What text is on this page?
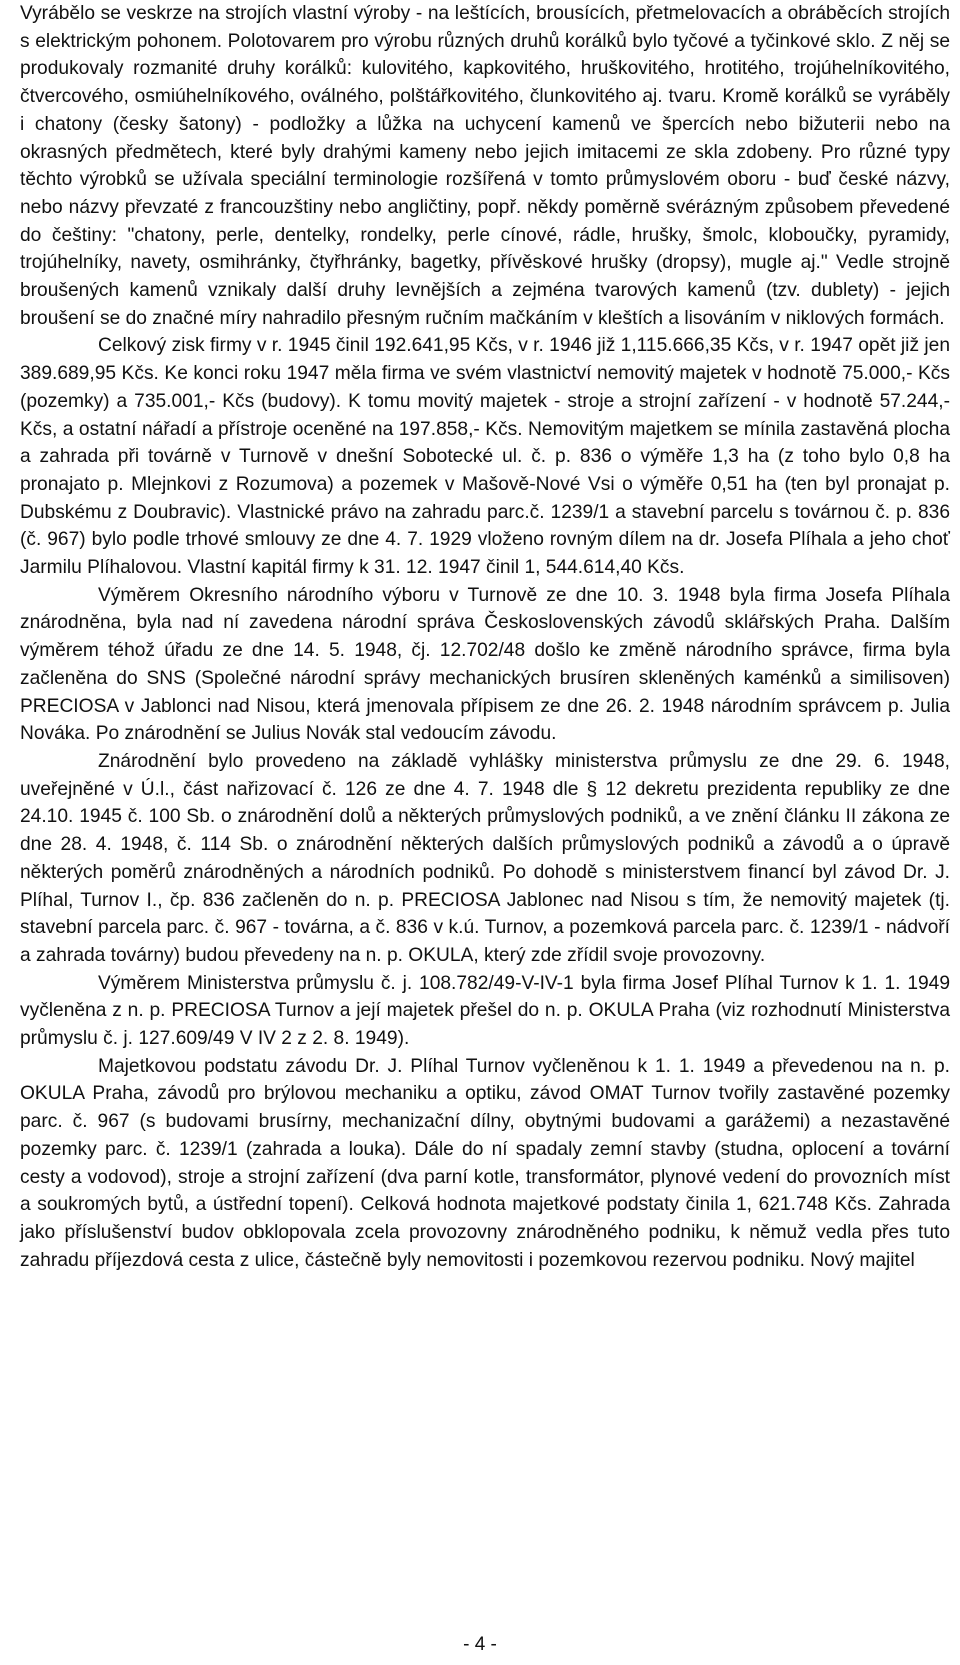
Vyrábělo se veskrze na strojích vlastní výroby - na leštících, brousících, přetmelovacích a obráběcích strojích s elektrickým pohonem. Polotovarem pro výrobu různých druhů korálků bylo tyčové a tyčinkové sklo. Z něj se produkovaly rozmanité druhy korálků: kulovitého, kapkovitého, hruškovitého, hrotitého, trojúhelníkovitého, čtvercového, osmiúhelníkového, oválného, polštářkovitého, člunkovitého aj. tvaru. Kromě korálků se vyráběly i chatony (česky šatony) - podložky a lůžka na uchycení kamenů ve špercích nebo bižuterii nebo na okrasných předmětech, které byly drahými kameny nebo jejich imitacemi ze skla zdobeny. Pro různé typy těchto výrobků se užívala speciální terminologie rozšířená v tomto průmyslovém oboru - buď české názvy, nebo názvy převzaté z francouzštiny nebo angličtiny, popř. někdy poměrně svérázným způsobem převedené do češtiny: "chatony, perle, dentelky, rondelky, perle cínové, rádle, hrušky, šmolc, kloboučky, pyramidy, trojúhelníky, navety, osmihránky, čtyřhránky, bagetky, přívěskové hrušky (dropsy), mugle aj." Vedle strojně broušených kamenů vznikaly další druhy levnějších a zejména tvarových kamenů (tzv. dublety) - jejich broušení se do značné míry nahradilo přesným ručním mačkáním v kleštích a lisováním v niklových formách.

Celkový zisk firmy v r. 1945 činil 192.641,95 Kčs, v r. 1946 již 1,115.666,35 Kčs, v r. 1947 opět již jen 389.689,95 Kčs. Ke konci roku 1947 měla firma ve svém vlastnictví nemovitý majetek v hodnotě 75.000,- Kčs (pozemky) a 735.001,- Kčs (budovy). K tomu movitý majetek - stroje a strojní zařízení - v hodnotě 57.244,- Kčs, a ostatní nářadí a přístroje oceněné na 197.858,- Kčs. Nemovitým majetkem se mínila zastavěná plocha a zahrada při továrně v Turnově v dnešní Sobotecké ul. č. p. 836 o výměře 1,3 ha (z toho bylo 0,8 ha pronajato p. Mlejnkovi z Rozumova) a pozemek v Mašově-Nové Vsi o výměře 0,51 ha (ten byl pronajat p. Dubskému z Doubravic). Vlastnické právo na zahradu parc.č. 1239/1 a stavební parcelu s továrnou č. p. 836 (č. 967) bylo podle trhové smlouvy ze dne 4. 7. 1929 vloženo rovným dílem na dr. Josefa Plíhala a jeho choť Jarmilu Plíhalovou. Vlastní kapitál firmy k 31. 12. 1947 činil 1, 544.614,40 Kčs.

Výměrem Okresního národního výboru v Turnově ze dne 10. 3. 1948 byla firma Josefa Plíhala znárodněna, byla nad ní zavedena národní správa Československých závodů sklářských Praha. Dalším výměrem téhož úřadu ze dne 14. 5. 1948, čj. 12.702/48 došlo ke změně národního správce, firma byla začleněna do SNS (Společné národní správy mechanických brusíren skleněných kaménků a similisoven) PRECIOSA v Jablonci nad Nisou, která jmenovala přípisem ze dne 26. 2. 1948 národním správcem p. Julia Nováka. Po znárodnění se Julius Novák stal vedoucím závodu.

Znárodnění bylo provedeno na základě vyhlášky ministerstva průmyslu ze dne 29. 6. 1948, uveřejněné v Ú.l., část nařizovací č. 126 ze dne 4. 7. 1948 dle § 12 dekretu prezidenta republiky ze dne 24.10. 1945 č. 100 Sb. o znárodnění dolů a některých průmyslových podniků, a ve znění článku II zákona ze dne 28. 4. 1948, č. 114 Sb. o znárodnění některých dalších průmyslových podniků a závodů a o úpravě některých poměrů znárodněných a národních podniků. Po dohodě s ministerstvem financí byl závod Dr. J. Plíhal, Turnov I., čp. 836 začleněn do n. p. PRECIOSA Jablonec nad Nisou s tím, že nemovitý majetek (tj. stavební parcela parc. č. 967 - továrna, a č. 836 v k.ú. Turnov, a pozemková parcela parc. č. 1239/1 - nádvoří a zahrada továrny) budou převedeny na n. p. OKULA, který zde zřídil svoje provozovny.

Výměrem Ministerstva průmyslu č. j. 108.782/49-V-IV-1 byla firma Josef Plíhal Turnov k 1. 1. 1949 vyčleněna z n. p. PRECIOSA Turnov a její majetek přešel do n. p. OKULA Praha (viz rozhodnutí Ministerstva průmyslu č. j. 127.609/49 V IV 2 z 2. 8. 1949).

Majetkovou podstatu závodu Dr. J. Plíhal Turnov vyčleněnou k 1. 1. 1949 a převedenou na n. p. OKULA Praha, závodů pro brýlovou mechaniku a optiku, závod OMAT Turnov tvořily zastavěné pozemky parc. č. 967 (s budovami brusírny, mechanizační dílny, obytnými budovami a garážemi) a nezastavěné pozemky parc. č. 1239/1 (zahrada a louka). Dále do ní spadaly zemní stavby (studna, oplocení a tovární cesty a vodovod), stroje a strojní zařízení (dva parní kotle, transformátor, plynové vedení do provozních míst a soukromých bytů, a ústřední topení). Celková hodnota majetkové podstaty činila 1, 621.748 Kčs. Zahrada jako příslušenství budov obklopovala zcela provozovny znárodněného podniku, k němuž vedla přes tuto zahradu příjezdová cesta z ulice, částečně byly nemovitosti i pozemkovou rezervou podniku. Nový majitel

- 4 -
